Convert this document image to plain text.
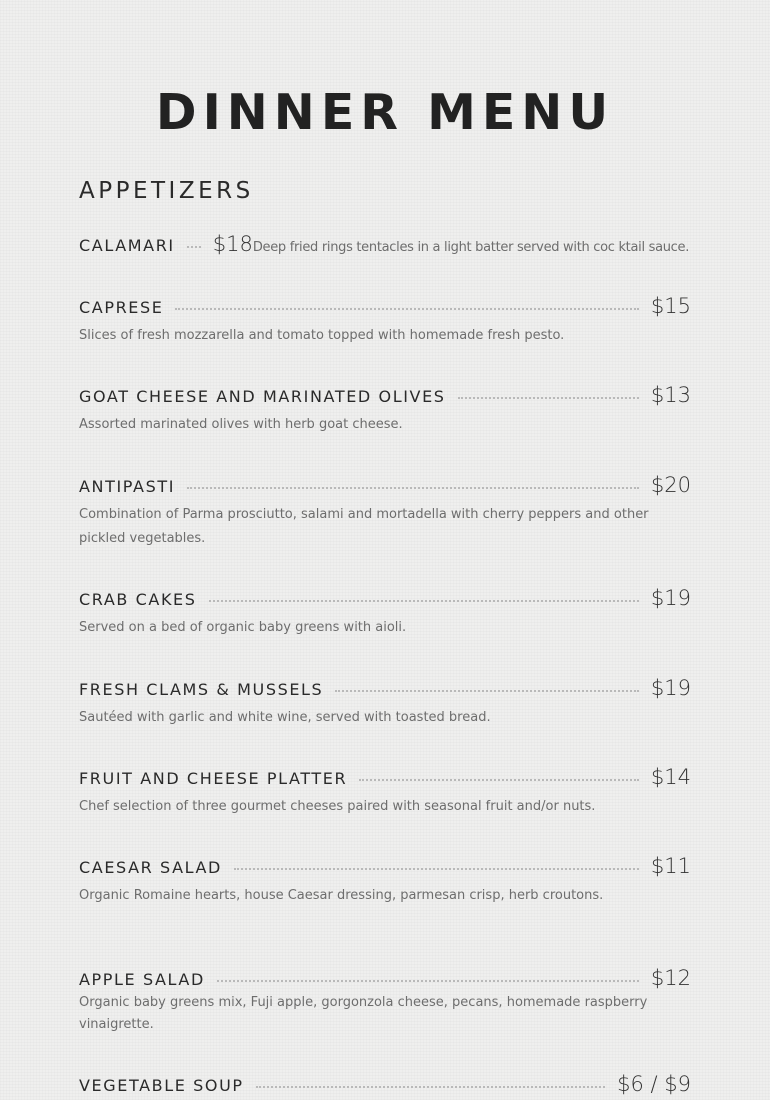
DINNER MENU
APPETIZERS
CALAMARI $18 Deep fried rings tentacles in a light batter served with coc ktail sauce.
CAPRESE	$15
Slices of fresh mozzarella and tomato topped with homemade fresh pesto.
GOAT CHEESE AND MARINATED OLIVES	$13
Assorted marinated olives with herb goat cheese.
ANTIPASTI	$20
Combination of Parma prosciutto, salami and mortadella with cherry peppers and other pickled vegetables.
CRAB CAKES	$19
Served on a bed of organic baby greens with aioli.
FRESH CLAMS & MUSSELS	$19
Sautéed with garlic and white wine, served with toasted bread.
FRUIT AND CHEESE PLATTER	$14
Chef selection of three gourmet cheeses paired with seasonal fruit and/or nuts.
CAESAR SALAD	$11
Organic Romaine hearts, house Caesar dressing, parmesan crisp, herb croutons.
APPLE SALAD	$12
Organic baby greens mix, Fuji apple, gorgonzola cheese, pecans, homemade raspberry vinaigrette.
VEGETABLE SOUP	$6 / $9
